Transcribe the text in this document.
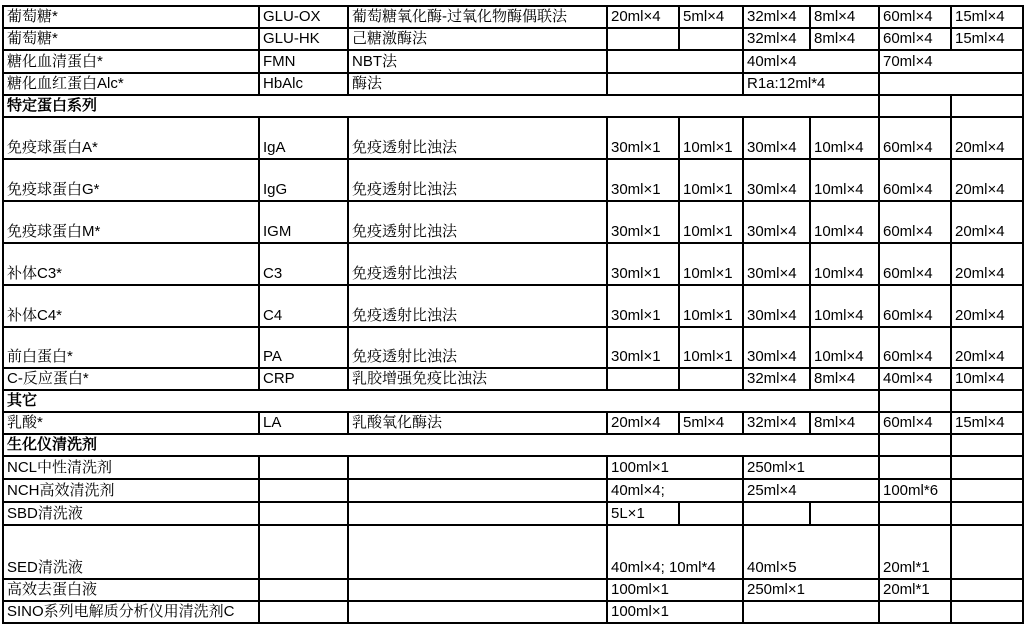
葡萄糖*	GLU-OX	葡萄糖氧化酶-过氧化物酶偶联法	20ml×4	5ml×4	32ml×4	8ml×4	60ml×4	15ml×4
葡萄糖*	GLU-HK	己糖激酶法			32ml×4	8ml×4	60ml×4	15ml×4
糖化血清蛋白*	FMN	NBT法			40ml×4		70ml×4	
糖化血红蛋白Alc*	HbAlc	酶法			R1a:12ml*4			
特定蛋白系列								
免疫球蛋白A*	IgA	免疫透射比浊法	30ml×1	10ml×1	30ml×4	10ml×4	60ml×4	20ml×4
免疫球蛋白G*	IgG	免疫透射比浊法	30ml×1	10ml×1	30ml×4	10ml×4	60ml×4	20ml×4
免疫球蛋白M*	IGM	免疫透射比浊法	30ml×1	10ml×1	30ml×4	10ml×4	60ml×4	20ml×4
补体C3*	C3	免疫透射比浊法	30ml×1	10ml×1	30ml×4	10ml×4	60ml×4	20ml×4
补体C4*	C4	免疫透射比浊法	30ml×1	10ml×1	30ml×4	10ml×4	60ml×4	20ml×4
前白蛋白*	PA	免疫透射比浊法	30ml×1	10ml×1	30ml×4	10ml×4	60ml×4	20ml×4
C-反应蛋白*	CRP	乳胶增强免疫比浊法			32ml×4	8ml×4	40ml×4	10ml×4
其它								
乳酸*	LA	乳酸氧化酶法	20ml×4	5ml×4	32ml×4	8ml×4	60ml×4	15ml×4
生化仪清洗剂								
NCL中性清洗剂			100ml×1		250ml×1			
NCH高效清洗剂			40ml×4;		25ml×4		100ml*6	
SBD清洗液			5L×1					
SED清洗液			40ml×4; 10ml*4		40ml×5		20ml*1	
高效去蛋白液			100ml×1		250ml×1		20ml*1	
SINO系列电解质分析仪用清洗剂C			100ml×1					
